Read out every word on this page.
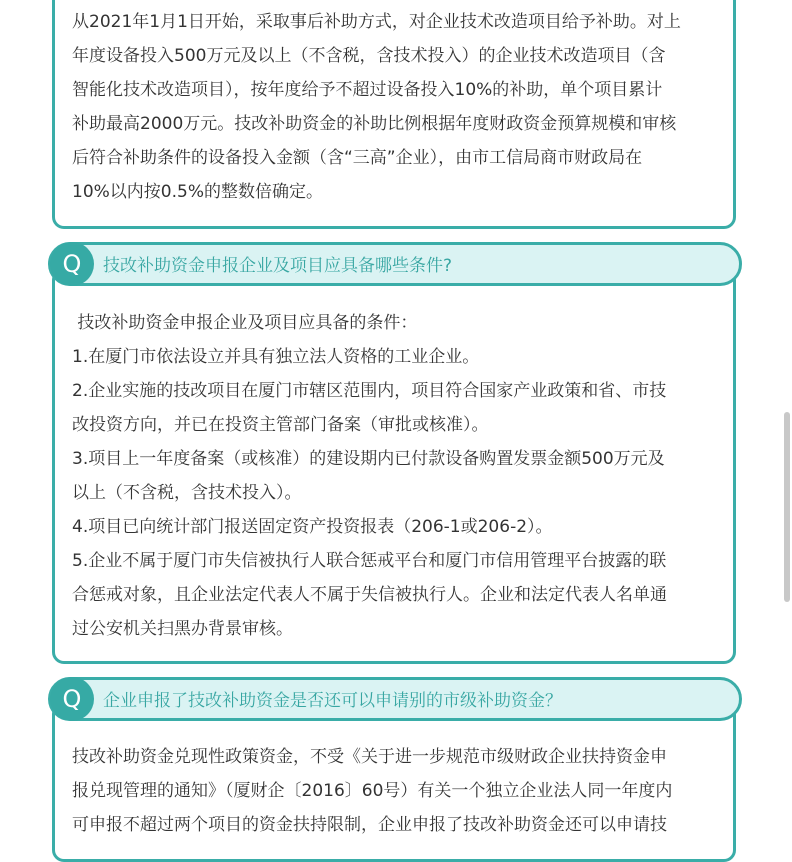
从2021年1月1日开始，采取事后补助方式，对企业技术改造项目给予补助。对上
年度设备投入500万元及以上（不含税，含技术投入）的企业技术改造项目（含
智能化技术改造项目），按年度给予不超过设备投入10%的补助，单个项目累计
补助最高2000万元。技改补助资金的补助比例根据年度财政资金预算规模和审核
后符合补助条件的设备投入金额（含“三高”企业），由市工信局商市财政局在
10%以内按0.5%的整数倍确定。
Q	技改补助资金申报企业及项目应具备哪些条件?
技改补助资金申报企业及项目应具备的条件：
1.在厦门市依法设立并具有独立法人资格的工业企业。
2.企业实施的技改项目在厦门市辖区范围内，项目符合国家产业政策和省、市技
改投资方向，并已在投资主管部门备案（审批或核准）。
3.项目上一年度备案（或核准）的建设期内已付款设备购置发票金额500万元及
以上（不含税，含技术投入）。
4.项目已向统计部门报送固定资产投资报表（206-1或206-2）。
5.企业不属于厦门市失信被执行人联合惩戒平台和厦门市信用管理平台披露的联
合惩戒对象，且企业法定代表人不属于失信被执行人。企业和法定代表人名单通
过公安机关扫黑办背景审核。
Q	企业申报了技改补助资金是否还可以申请别的市级补助资金？
技改补助资金兑现性政策资金，不受《关于进一步规范市级财政企业扶持资金申
报兑现管理的通知》（厦财企〔2016〕60号）有关一个独立企业法人同一年度内
可申报不超过两个项目的资金扶持限制，企业申报了技改补助资金还可以申请技
